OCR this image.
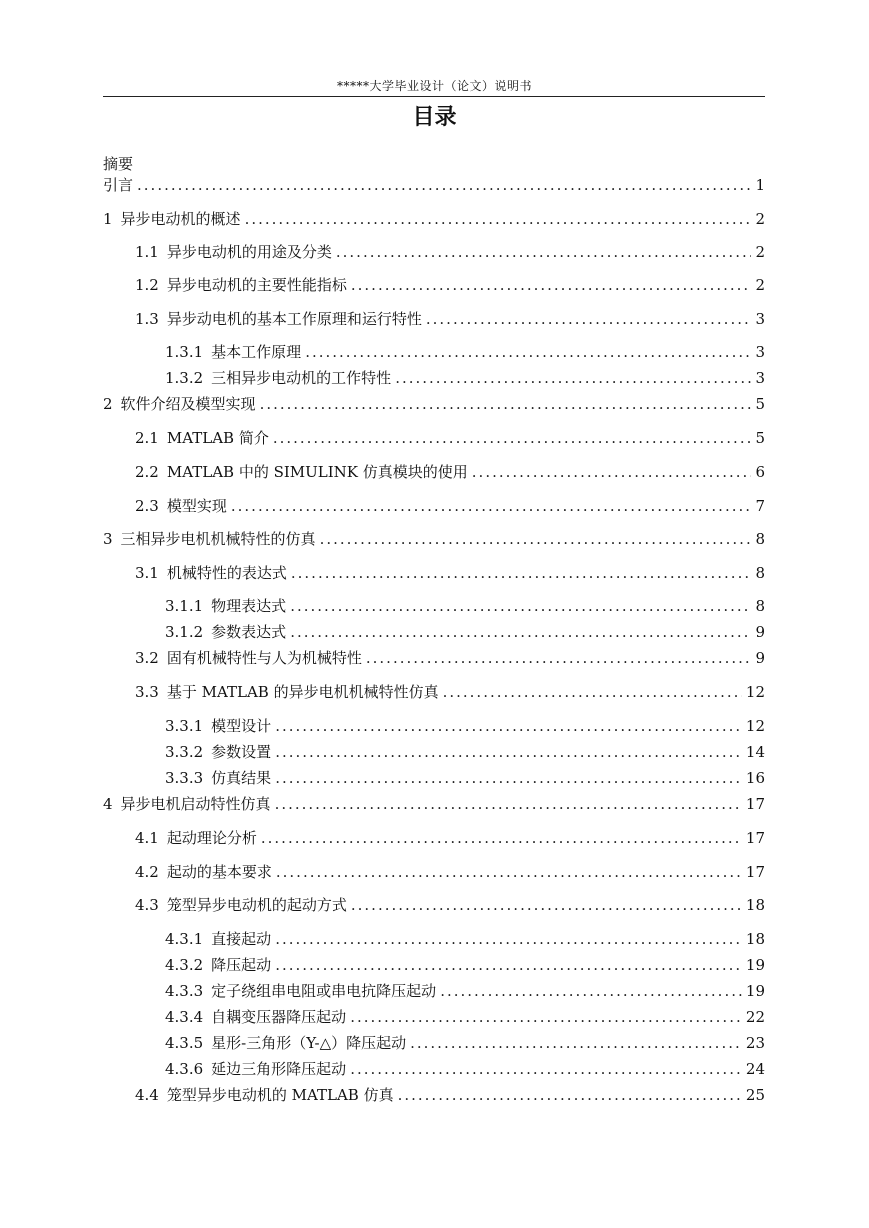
*****大学毕业设计（论文）说明书
目录
摘要
引言 .....	1
1 异步电动机的概述 .....	2
1.1 异步电动机的用途及分类 .....	2
1.2 异步电动机的主要性能指标 .....	2
1.3 异步动电机的基本工作原理和运行特性 .....	3
1.3.1 基本工作原理 .....	3
1.3.2 三相异步电动机的工作特性 .....	3
2 软件介绍及模型实现 .....	5
2.1 MATLAB 简介 .....	5
2.2 MATLAB 中的 SIMULINK 仿真模块的使用 .....	6
2.3 模型实现 .....	7
3 三相异步电机机械特性的仿真 .....	8
3.1 机械特性的表达式 .....	8
3.1.1 物理表达式 .....	8
3.1.2 参数表达式 .....	9
3.2 固有机械特性与人为机械特性 .....	9
3.3 基于 MATLAB 的异步电机机械特性仿真 .....	12
3.3.1 模型设计 .....	12
3.3.2 参数设置 .....	14
3.3.3 仿真结果 .....	16
4 异步电机启动特性仿真 .....	17
4.1 起动理论分析 .....	17
4.2 起动的基本要求 .....	17
4.3 笼型异步电动机的起动方式 .....	18
4.3.1 直接起动 .....	18
4.3.2 降压起动 .....	19
4.3.3 定子绕组串电阻或串电抗降压起动 .....	19
4.3.4 自耦变压器降压起动 .....	22
4.3.5 星形-三角形（Y-△）降压起动 .....	23
4.3.6 延边三角形降压起动 .....	24
4.4 笼型异步电动机的 MATLAB 仿真 .....	25
